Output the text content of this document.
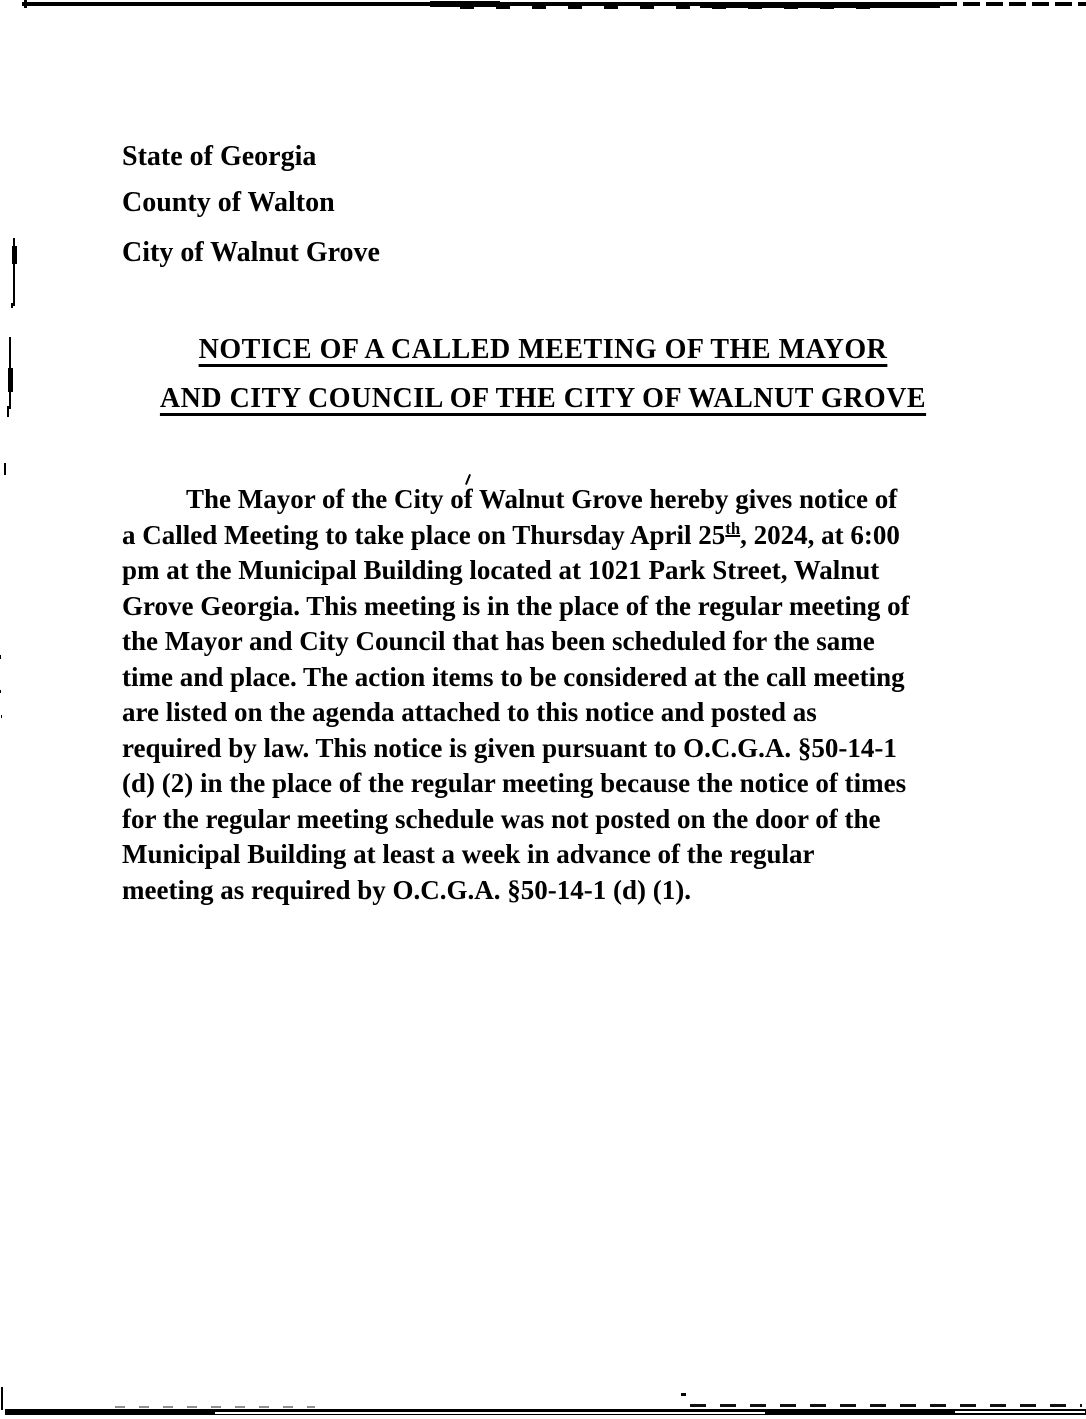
State of Georgia
County of Walton
City of Walnut Grove
NOTICE OF A CALLED MEETING OF THE MAYOR
AND CITY COUNCIL OF THE CITY OF WALNUT GROVE
The Mayor of the City of Walnut Grove hereby gives notice of
a Called Meeting to take place on Thursday April 25th, 2024, at 6:00
pm at the Municipal Building located at 1021 Park Street, Walnut
Grove Georgia. This meeting is in the place of the regular meeting of
the Mayor and City Council that has been scheduled for the same
time and place. The action items to be considered at the call meeting
are listed on the agenda attached to this notice and posted as
required by law. This notice is given pursuant to O.C.G.A. §50-14-1
(d) (2) in the place of the regular meeting because the notice of times
for the regular meeting schedule was not posted on the door of the
Municipal Building at least a week in advance of the regular
meeting as required by O.C.G.A. §50-14-1 (d) (1).
